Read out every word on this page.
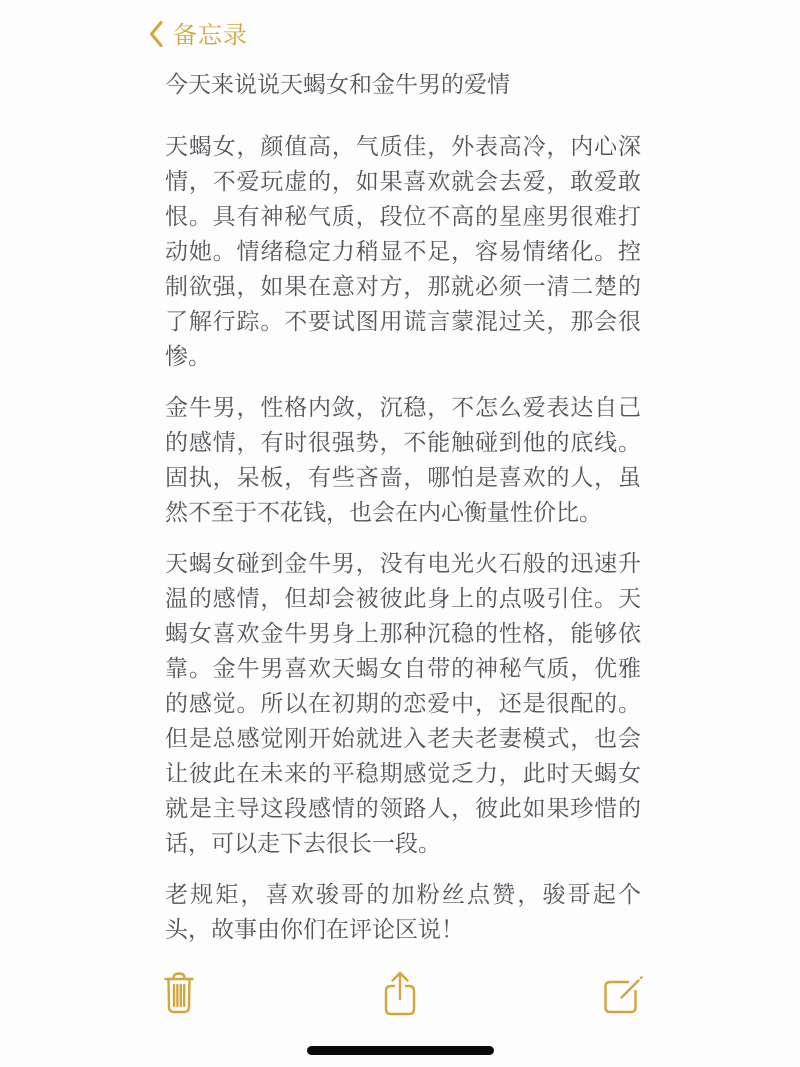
备忘录

今天来说说天蝎女和金牛男的爱情

天蝎女，颜值高，气质佳，外表高冷，内心深情，不爱玩虚的，如果喜欢就会去爱，敢爱敢恨。具有神秘气质，段位不高的星座男很难打动她。情绪稳定力稍显不足，容易情绪化。控制欲强，如果在意对方，那就必须一清二楚的了解行踪。不要试图用谎言蒙混过关，那会很惨。

金牛男，性格内敛，沉稳，不怎么爱表达自己的感情，有时很强势，不能触碰到他的底线。固执，呆板，有些吝啬，哪怕是喜欢的人，虽然不至于不花钱，也会在内心衡量性价比。

天蝎女碰到金牛男，没有电光火石般的迅速升温的感情，但却会被彼此身上的点吸引住。天蝎女喜欢金牛男身上那种沉稳的性格，能够依靠。金牛男喜欢天蝎女自带的神秘气质，优雅的感觉。所以在初期的恋爱中，还是很配的。但是总感觉刚开始就进入老夫老妻模式，也会让彼此在未来的平稳期感觉乏力，此时天蝎女就是主导这段感情的领路人，彼此如果珍惜的话，可以走下去很长一段。

老规矩，喜欢骏哥的加粉丝点赞，骏哥起个头，故事由你们在评论区说！
